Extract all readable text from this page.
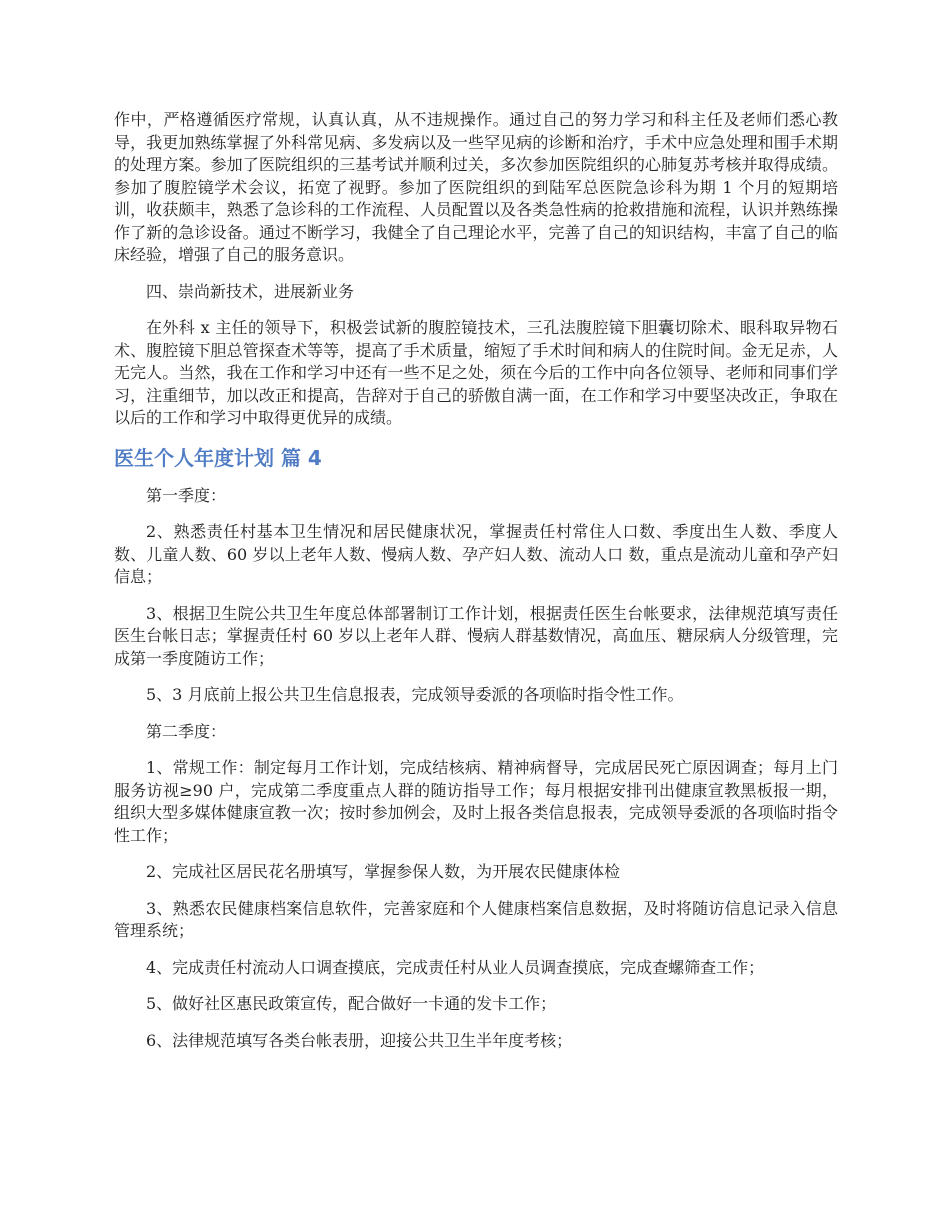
作中，严格遵循医疗常规，认真认真，从不违规操作。通过自己的努力学习和科主任及老师们悉心教导，我更加熟练掌握了外科常见病、多发病以及一些罕见病的诊断和治疗，手术中应急处理和围手术期的处理方案。参加了医院组织的三基考试并顺利过关，多次参加医院组织的心肺复苏考核并取得成绩。参加了腹腔镜学术会议，拓宽了视野。参加了医院组织的到陆军总医院急诊科为期 1 个月的短期培训，收获颇丰，熟悉了急诊科的工作流程、人员配置以及各类急性病的抢救措施和流程，认识并熟练操作了新的急诊设备。通过不断学习，我健全了自己理论水平，完善了自己的知识结构，丰富了自己的临床经验，增强了自己的服务意识。

四、崇尚新技术，进展新业务

在外科 x 主任的领导下，积极尝试新的腹腔镜技术，三孔法腹腔镜下胆囊切除术、眼科取异物石术、腹腔镜下胆总管探查术等等，提高了手术质量，缩短了手术时间和病人的住院时间。金无足赤，人无完人。当然，我在工作和学习中还有一些不足之处，须在今后的工作中向各位领导、老师和同事们学习，注重细节，加以改正和提高，告辞对于自己的骄傲自满一面，在工作和学习中要坚决改正，争取在以后的工作和学习中取得更优异的成绩。

医生个人年度计划 篇 4

第一季度：

2、熟悉责任村基本卫生情况和居民健康状况，掌握责任村常住人口数、季度出生人数、季度人数、儿童人数、60 岁以上老年人数、慢病人数、孕产妇人数、流动人口 数，重点是流动儿童和孕产妇信息；

3、根据卫生院公共卫生年度总体部署制订工作计划，根据责任医生台帐要求，法律规范填写责任医生台帐日志；掌握责任村 60 岁以上老年人群、慢病人群基数情况，高血压、糖尿病人分级管理，完成第一季度随访工作；

5、3 月底前上报公共卫生信息报表，完成领导委派的各项临时指令性工作。

第二季度：

1、常规工作：制定每月工作计划，完成结核病、精神病督导，完成居民死亡原因调查；每月上门服务访视≥90 户，完成第二季度重点人群的随访指导工作；每月根据安排刊出健康宣教黑板报一期，组织大型多媒体健康宣教一次；按时参加例会，及时上报各类信息报表，完成领导委派的各项临时指令性工作；

2、完成社区居民花名册填写，掌握参保人数，为开展农民健康体检

3、熟悉农民健康档案信息软件，完善家庭和个人健康档案信息数据，及时将随访信息记录入信息管理系统；

4、完成责任村流动人口调查摸底，完成责任村从业人员调查摸底，完成查螺筛查工作；

5、做好社区惠民政策宣传，配合做好一卡通的发卡工作；

6、法律规范填写各类台帐表册，迎接公共卫生半年度考核；
